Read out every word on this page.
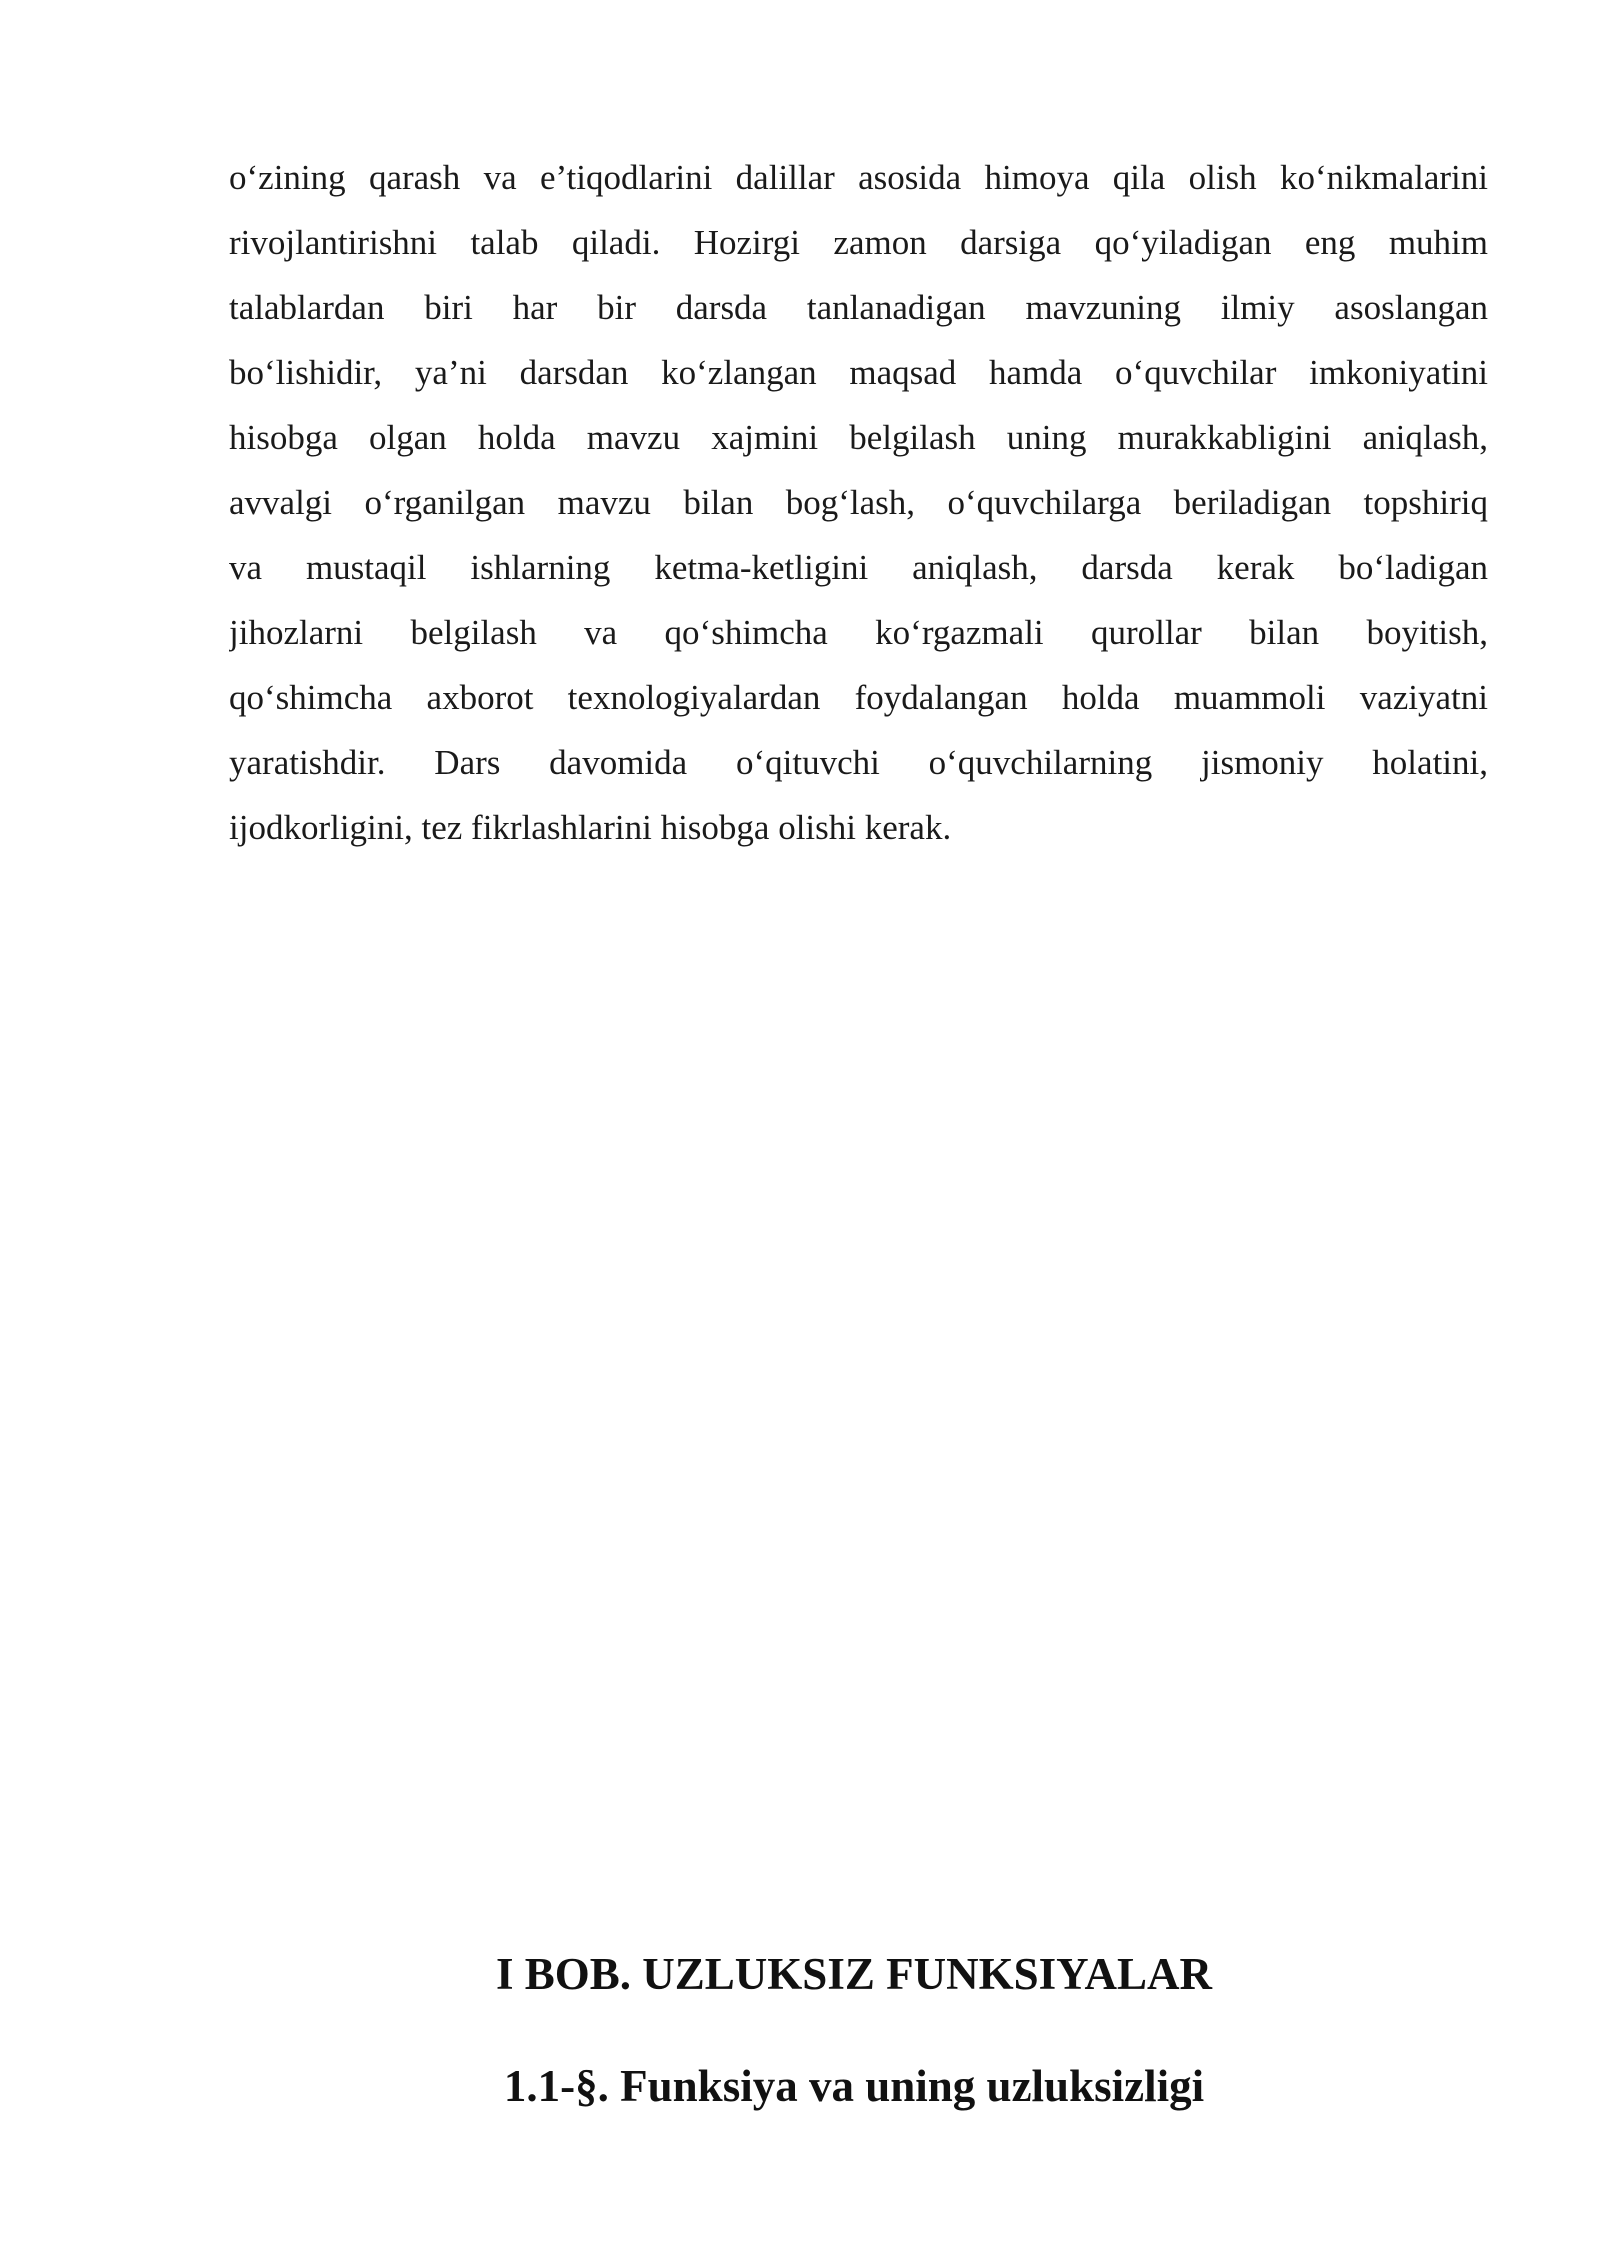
o‘zining qarash va e’tiqodlarini dalillar asosida himoya qila olish ko‘nikmalarini
rivojlantirishni talab qiladi. Hozirgi zamon darsiga qo‘yiladigan eng muhim
talablardan biri har bir darsda tanlanadigan mavzuning ilmiy asoslangan
bo‘lishidir, ya’ni darsdan ko‘zlangan maqsad hamda o‘quvchilar imkoniyatini
hisobga olgan holda mavzu xajmini belgilash uning murakkabligini aniqlash,
avvalgi o‘rganilgan mavzu bilan bog‘lash, o‘quvchilarga beriladigan topshiriq
va mustaqil ishlarning ketma-ketligini aniqlash, darsda kerak bo‘ladigan
jihozlarni belgilash va qo‘shimcha ko‘rgazmali qurollar bilan boyitish,
qo‘shimcha axborot texnologiyalardan foydalangan holda muammoli vaziyatni
yaratishdir. Dars davomida o‘qituvchi o‘quvchilarning jismoniy holatini,
ijodkorligini, tez fikrlashlarini hisobga olishi kerak.
I BOB. UZLUKSIZ FUNKSIYALAR
1.1-§. Funksiya va uning uzluksizligi
